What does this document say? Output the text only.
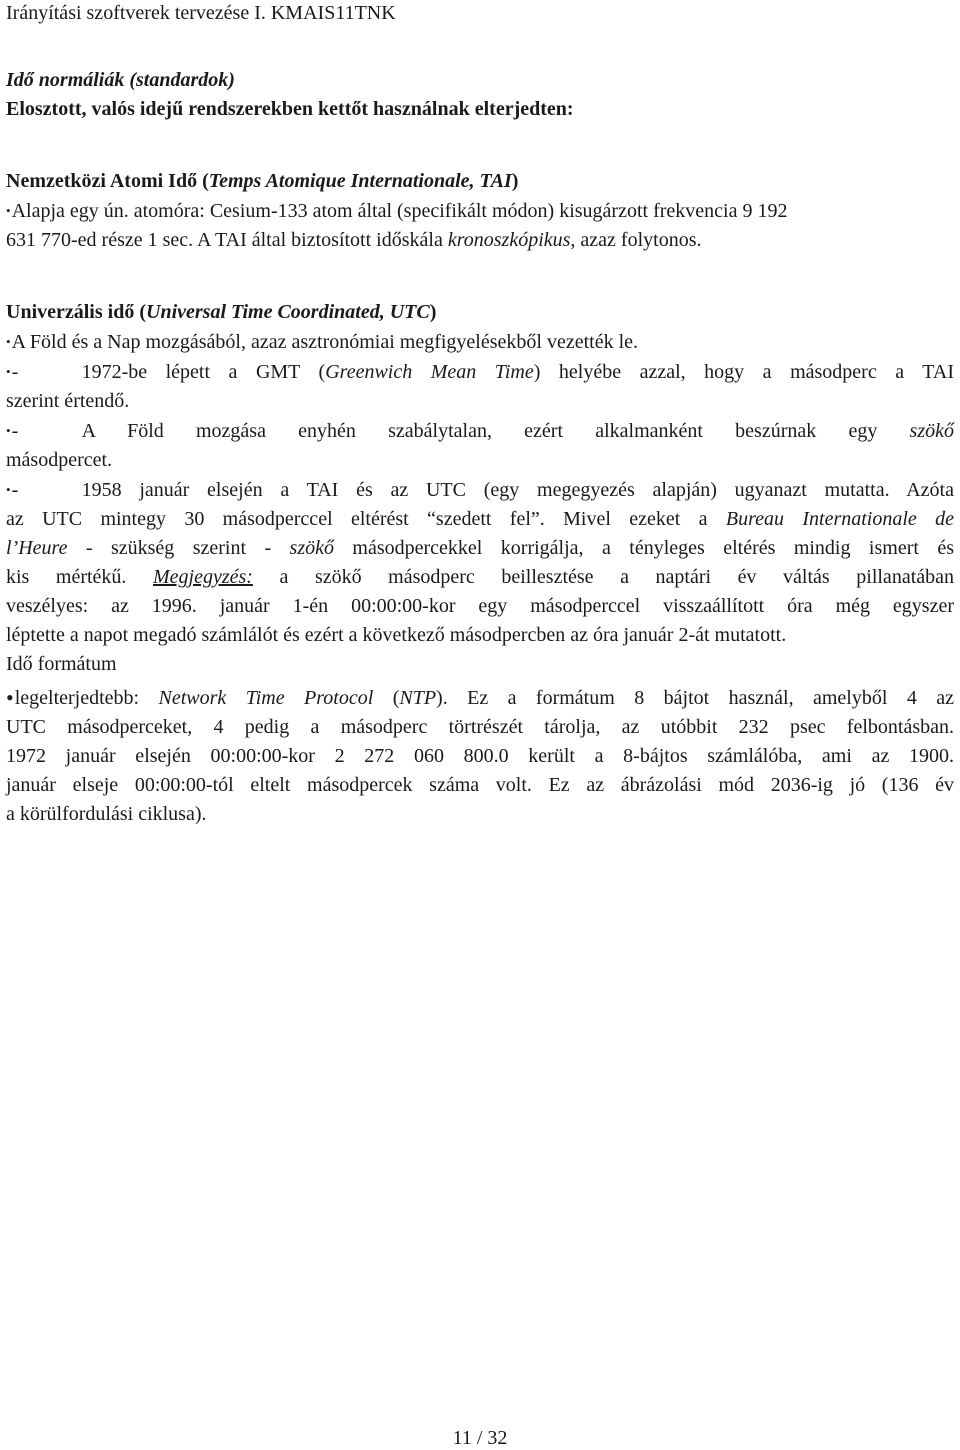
Irányítási szoftverek tervezése I. KMAIS11TNK
Idő normáliák (standardok)
Elosztott, valós idejű rendszerekben kettőt használnak elterjedten:
Nemzetközi Atomi Idő (Temps Atomique Internationale, TAI)
•Alapja egy ún. atomóra: Cesium-133 atom által (specifikált módon) kisugárzott frekvencia 9 192
631 770-ed része 1 sec. A TAI által biztosított időskála kronoszkópikus, azaz folytonos.
Univerzális idő (Universal Time Coordinated, UTC)
•A Föld és a Nap mozgásából, azaz asztronómiai megfigyelésekből vezették le.
•-	1972-be lépett a GMT (Greenwich Mean Time) helyébe azzal, hogy a másodperc a TAI
szerint értendő.
•-	A Föld mozgása enyhén szabálytalan, ezért alkalmanként beszúrnak egy szökő
másodpercet.
•-	1958 január elsején a TAI és az UTC (egy megegyezés alapján) ugyanazt mutatta. Azóta
az UTC mintegy 30 másodperccel eltérést “szedett fel”. Mivel ezeket a Bureau Internationale de
l’Heure - szükség szerint - szökő másodpercekkel korrigálja, a tényleges eltérés mindig ismert és
kis mértékű. Megjegyzés: a szökő másodperc beillesztése a naptári év váltás pillanatában
veszélyes: az 1996. január 1-én 00:00:00-kor egy másodperccel visszaállított óra még egyszer
léptette a napot megadó számlálót és ezért a következő másodpercben az óra január 2-át mutatott.
Idő formátum
•legelterjedtebb: Network Time Protocol (NTP). Ez a formátum 8 bájtot használ, amelyből 4 az
UTC másodperceket, 4 pedig a másodperc törtrészét tárolja, az utóbbit 232 psec felbontásban.
1972 január elsején 00:00:00-kor 2 272 060 800.0 került a 8-bájtos számlálóba, ami az 1900.
január elseje 00:00:00-tól eltelt másodpercek száma volt. Ez az ábrázolási mód 2036-ig jó (136 év
a körülfordulási ciklusa).
11 / 32
